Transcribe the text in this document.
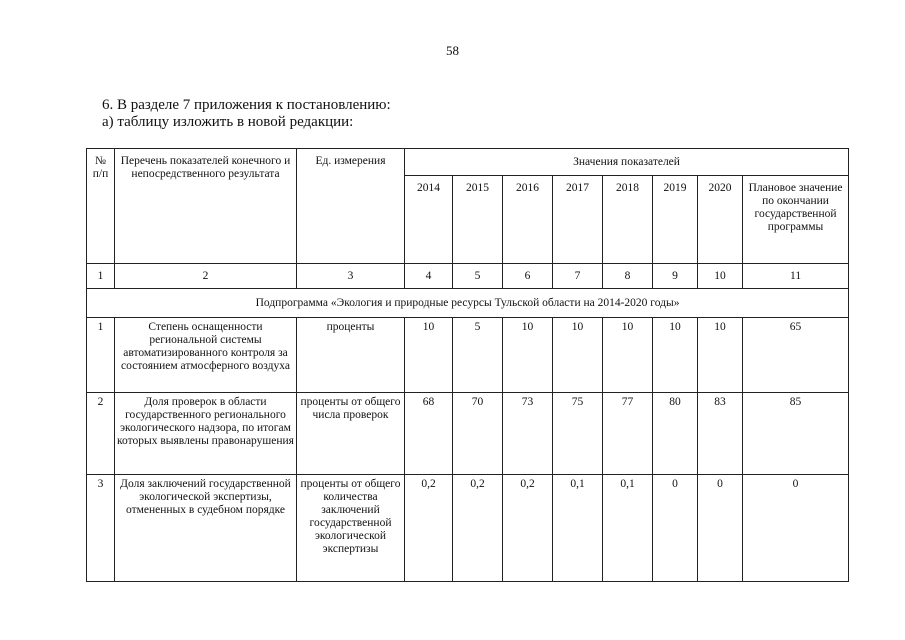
58
6. В разделе 7 приложения к постановлению:
а) таблицу изложить в новой редакции:
№ п/п	Перечень показателей конечного и непосредственного результата	Ед. измерения	Значения показателей							
			2014	2015	2016	2017	2018	2019	2020	Плановое значение по окончании государственной программы
1	2	3	4	5	6	7	8	9	10	11
Подпрограмма «Экология и природные ресурсы Тульской области на 2014-2020 годы»										
1	Степень оснащенности региональной системы автоматизированного контроля за состоянием атмосферного воздуха	проценты	10	5	10	10	10	10	10	65
2	Доля проверок в области государственного регионального экологического надзора, по итогам которых выявлены правонарушения	проценты от общего числа проверок	68	70	73	75	77	80	83	85
3	Доля заключений государственной экологической экспертизы, отмененных в судебном порядке	проценты от общего количества заключений государственной экологической экспертизы	0,2	0,2	0,2	0,1	0,1	0	0	0
